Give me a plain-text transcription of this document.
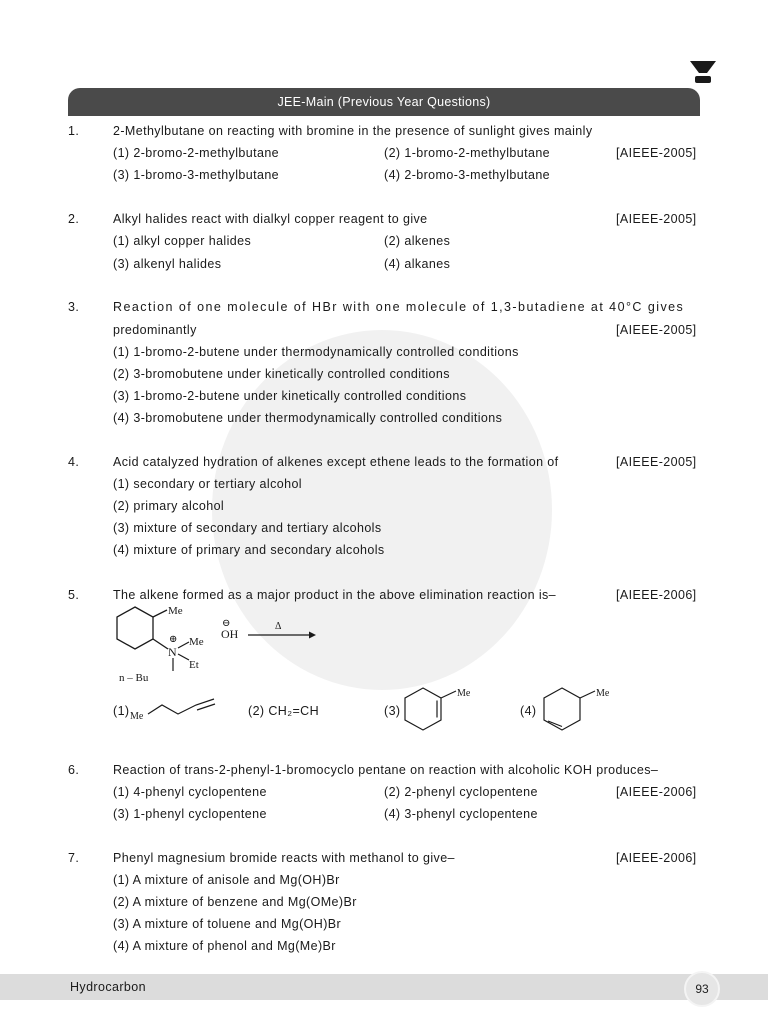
JEE-Main (Previous Year Questions)
1.	2-Methylbutane on reacting with bromine in the presence of sunlight gives mainly
(1) 2-bromo-2-methylbutane	(2) 1-bromo-2-methylbutane	[AIEEE-2005]
(3) 1-bromo-3-methylbutane	(4) 2-bromo-3-methylbutane
2.	Alkyl halides react with dialkyl copper reagent to give	[AIEEE-2005]
(1) alkyl copper halides	(2) alkenes
(3) alkenyl halides	(4) alkanes
3.	Reaction of one molecule of HBr with one molecule of 1,3-butadiene at 40°C gives
predominantly	[AIEEE-2005]
(1) 1-bromo-2-butene under thermodynamically controlled conditions
(2) 3-bromobutene under kinetically controlled conditions
(3) 1-bromo-2-butene under kinetically controlled conditions
(4) 3-bromobutene under thermodynamically controlled conditions
4.	Acid catalyzed hydration of alkenes except ethene leads to the formation of	[AIEEE-2005]
(1) secondary or tertiary alcohol
(2) primary alcohol
(3) mixture of secondary and tertiary alcohols
(4) mixture of primary and secondary alcohols
5.	The alkene formed as a major product in the above elimination reaction is–	[AIEEE-2006]
Me
⊕
N
Me
Et
n – Bu
⊖
OH
Δ
(1) Me	(2) CH₂=CH	(3)
Me
(4)
Me
6.	Reaction of trans-2-phenyl-1-bromocyclo pentane on reaction with alcoholic KOH produces–
(1) 4-phenyl cyclopentene	(2) 2-phenyl cyclopentene	[AIEEE-2006]
(3) 1-phenyl cyclopentene	(4) 3-phenyl cyclopentene
7.	Phenyl magnesium bromide reacts with methanol to give–	[AIEEE-2006]
(1) A mixture of anisole and Mg(OH)Br
(2) A mixture of benzene and Mg(OMe)Br
(3) A mixture of toluene and Mg(OH)Br
(4) A mixture of phenol and Mg(Me)Br
Hydrocarbon	93
